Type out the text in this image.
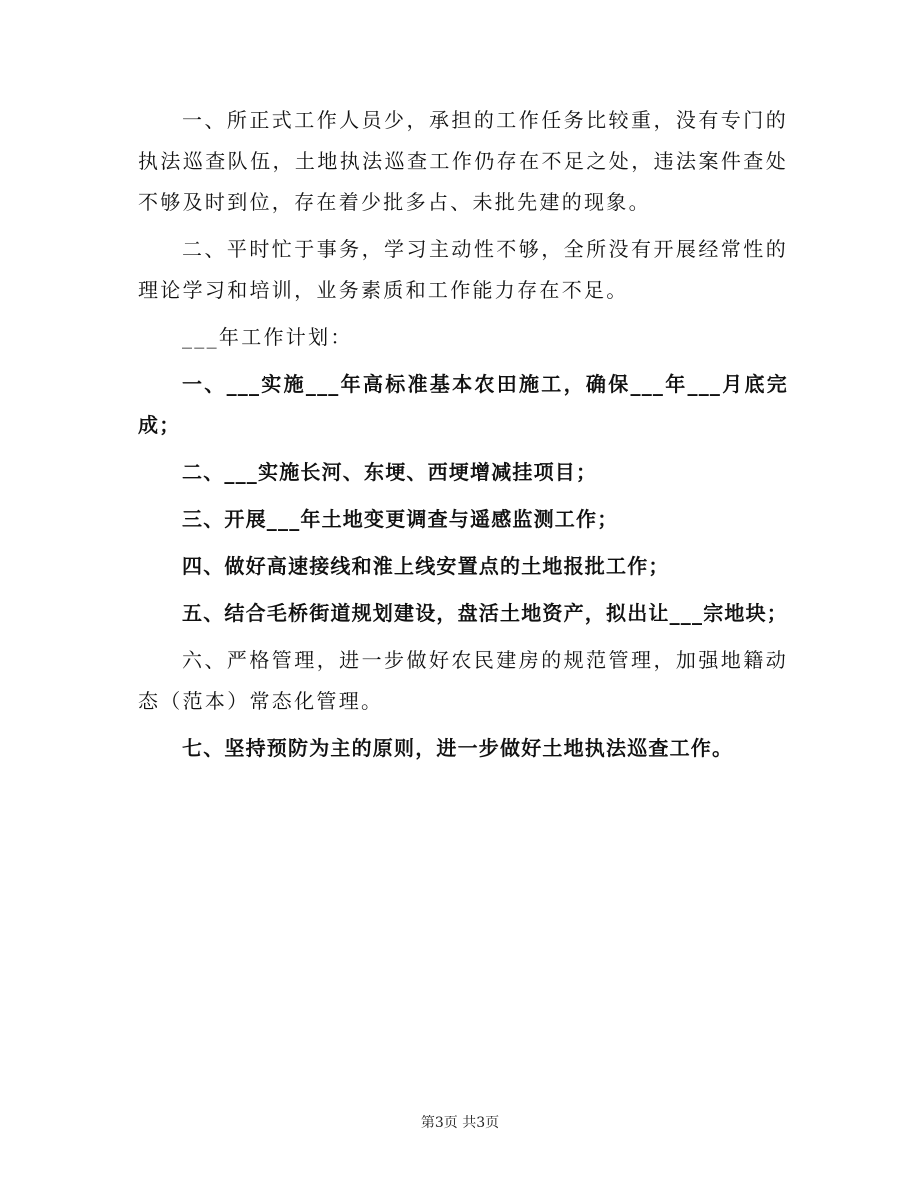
一、所正式工作人员少，承担的工作任务比较重，没有专门的执法巡查队伍，土地执法巡查工作仍存在不足之处，违法案件查处不够及时到位，存在着少批多占、未批先建的现象。

二、平时忙于事务，学习主动性不够，全所没有开展经常性的理论学习和培训，业务素质和工作能力存在不足。

___年工作计划：

一、___实施___年高标准基本农田施工，确保___年___月底完成；

二、___实施长河、东埂、西埂增减挂项目；

三、开展___年土地变更调查与遥感监测工作；

四、做好高速接线和淮上线安置点的土地报批工作；

五、结合毛桥街道规划建设，盘活土地资产，拟出让___宗地块；

六、严格管理，进一步做好农民建房的规范管理，加强地籍动态（范本）常态化管理。

七、坚持预防为主的原则，进一步做好土地执法巡查工作。

第3页 共3页
